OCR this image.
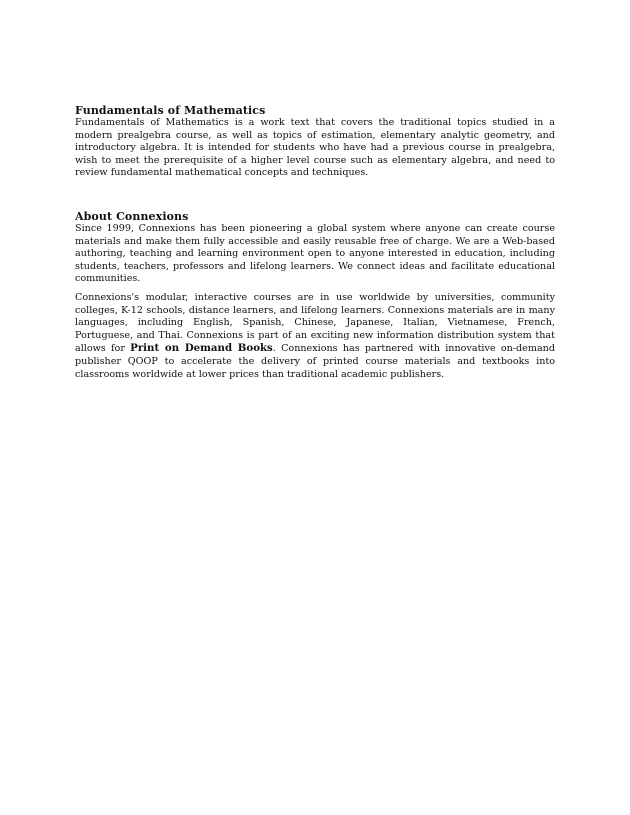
Fundamentals of Mathematics

Fundamentals of Mathematics is a work text that covers the traditional topics studied in a modern prealgebra course, as well as topics of estimation, elementary analytic geometry, and introductory algebra. It is intended for students who have had a previous course in prealgebra, wish to meet the prerequisite of a higher level course such as elementary algebra, and need to review fundamental mathematical concepts and techniques.

About Connexions

Since 1999, Connexions has been pioneering a global system where anyone can create course materials and make them fully accessible and easily reusable free of charge. We are a Web-based authoring, teaching and learning environment open to anyone interested in education, including students, teachers, professors and lifelong learners. We connect ideas and facilitate educational communities.

Connexions's modular, interactive courses are in use worldwide by universities, community colleges, K-12 schools, distance learners, and lifelong learners. Connexions materials are in many languages, including English, Spanish, Chinese, Japanese, Italian, Vietnamese, French, Portuguese, and Thai. Connexions is part of an exciting new information distribution system that allows for Print on Demand Books. Connexions has partnered with innovative on-demand publisher QOOP to accelerate the delivery of printed course materials and textbooks into classrooms worldwide at lower prices than traditional academic publishers.
